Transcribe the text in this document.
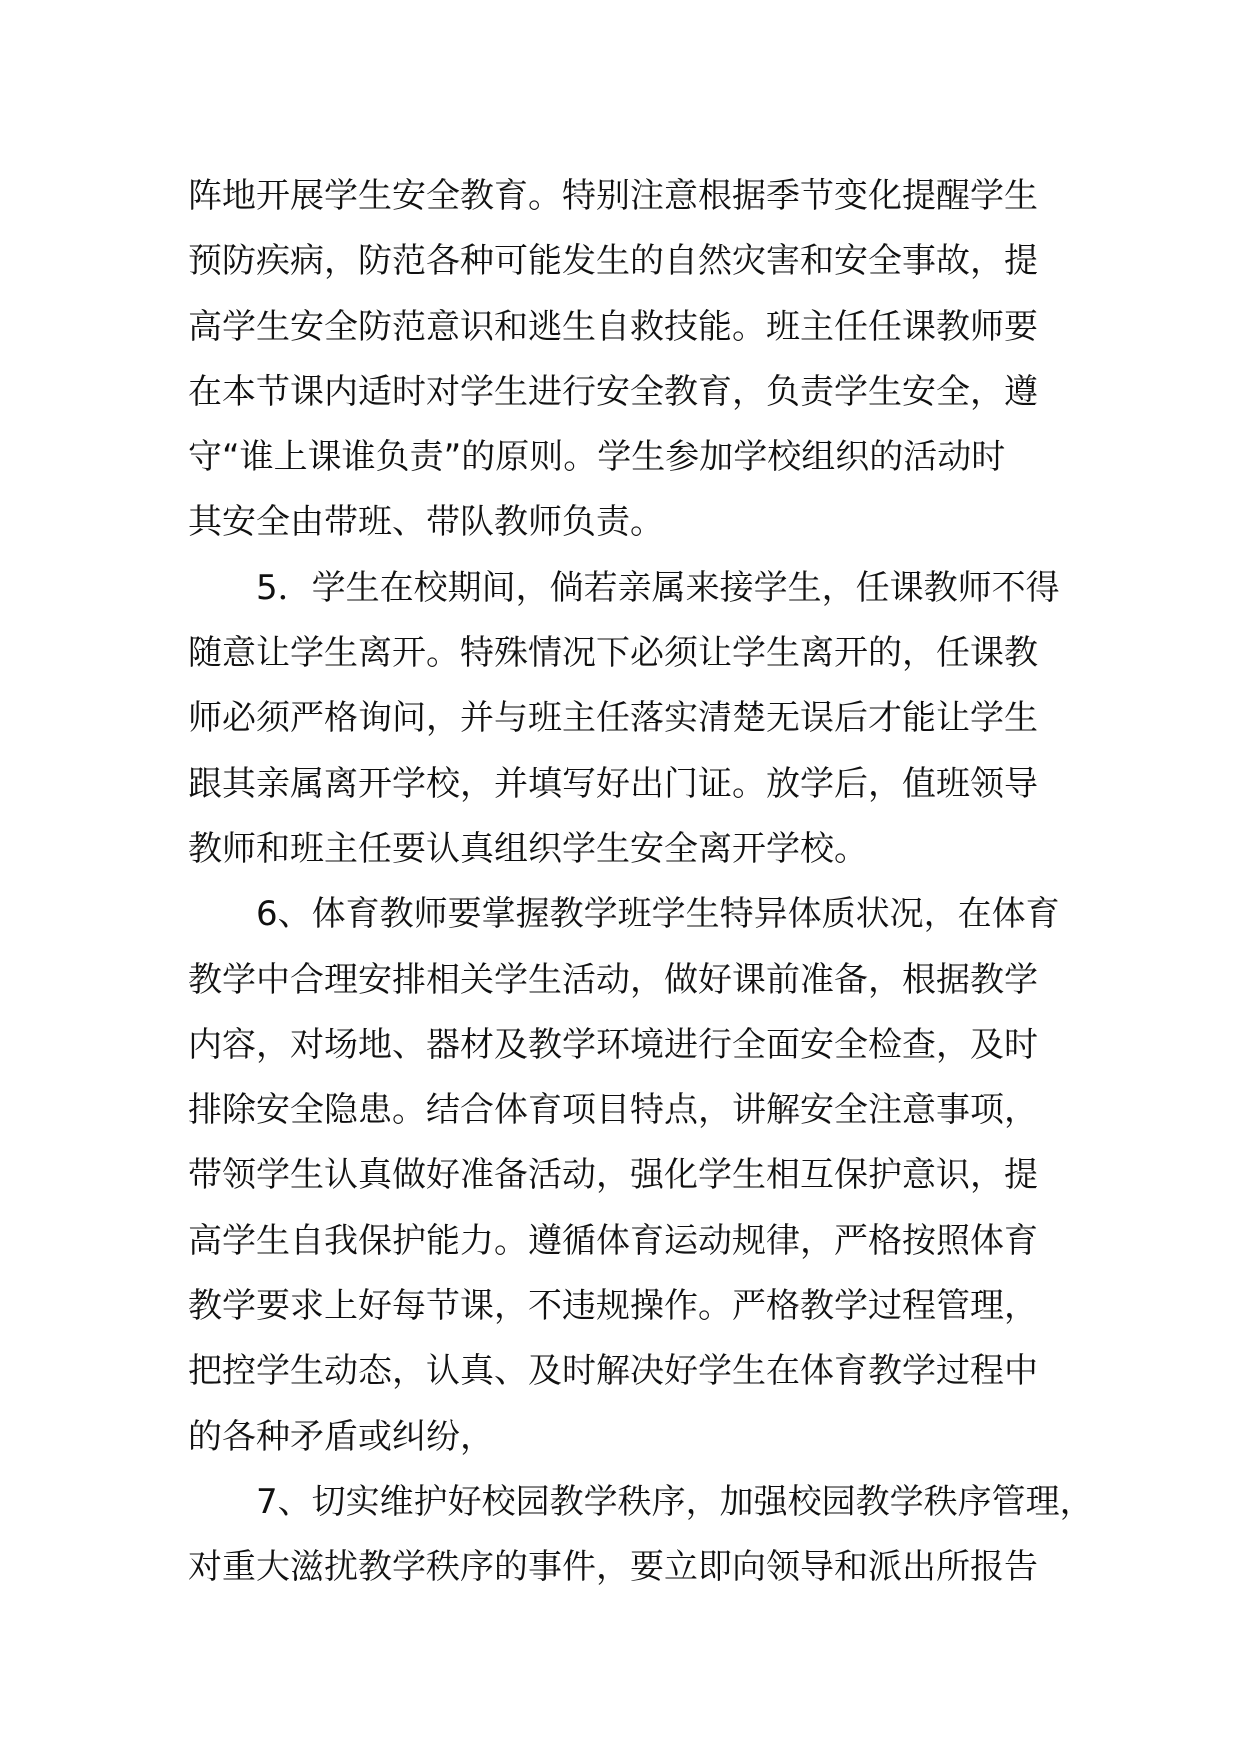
阵地开展学生安全教育。特别注意根据季节变化提醒学生
预防疾病，防范各种可能发生的自然灾害和安全事故，提
高学生安全防范意识和逃生自救技能。班主任任课教师要
在本节课内适时对学生进行安全教育，负责学生安全，遵
守“谁上课谁负责”的原则。学生参加学校组织的活动时
其安全由带班、带队教师负责。
5．学生在校期间，倘若亲属来接学生，任课教师不得
随意让学生离开。特殊情况下必须让学生离开的，任课教
师必须严格询问，并与班主任落实清楚无误后才能让学生
跟其亲属离开学校，并填写好出门证。放学后，值班领导
教师和班主任要认真组织学生安全离开学校。
6、体育教师要掌握教学班学生特异体质状况，在体育
教学中合理安排相关学生活动，做好课前准备，根据教学
内容，对场地、器材及教学环境进行全面安全检查，及时
排除安全隐患。结合体育项目特点，讲解安全注意事项，
带领学生认真做好准备活动，强化学生相互保护意识，提
高学生自我保护能力。遵循体育运动规律，严格按照体育
教学要求上好每节课，不违规操作。严格教学过程管理，
把控学生动态，认真、及时解决好学生在体育教学过程中
的各种矛盾或纠纷，
7、切实维护好校园教学秩序，加强校园教学秩序管理，
对重大滋扰教学秩序的事件，要立即向领导和派出所报告
